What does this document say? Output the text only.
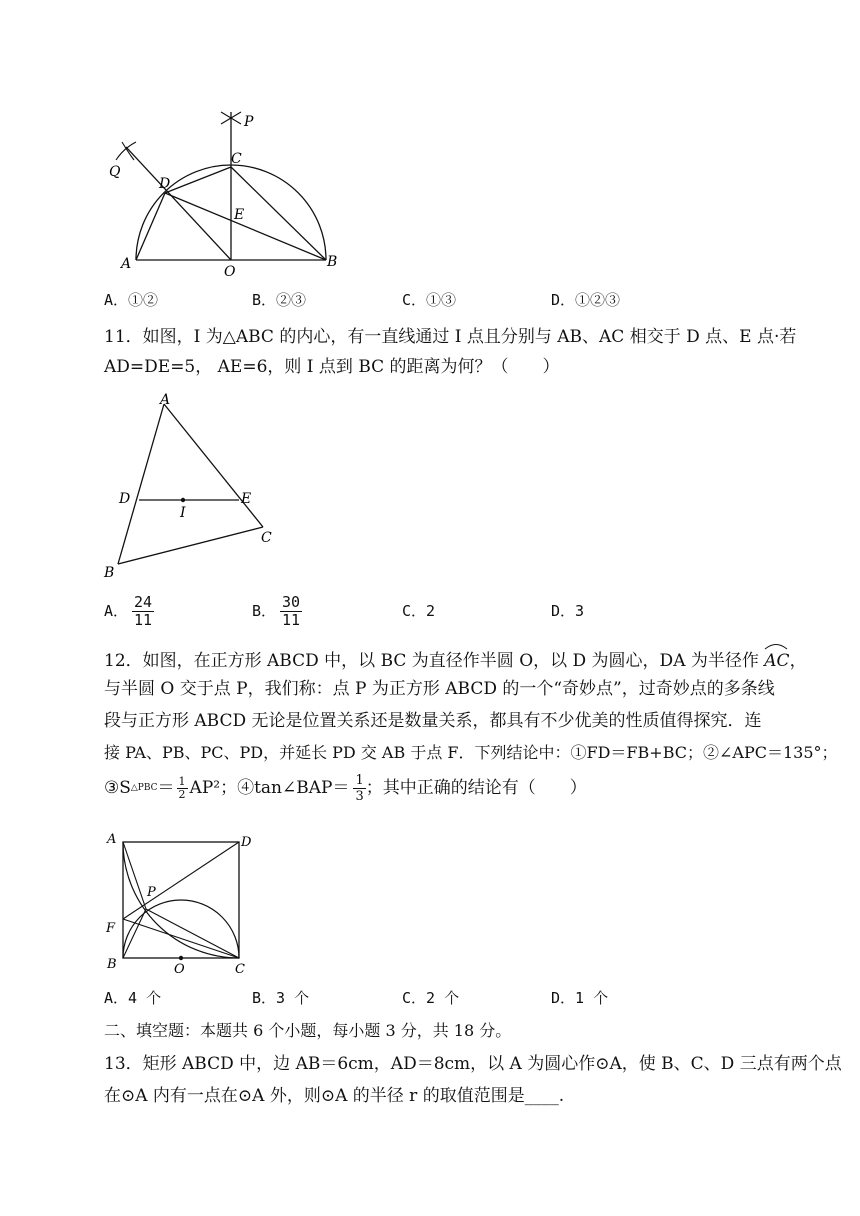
P
C
Q
D
E
A	O
B
A．①②	B．②③	C．①③	D．①②③
11．如图，I 为△ABC 的内心，有一直线通过 I 点且分别与 AB、AC 相交于 D 点、E 点·若
AD=DE=5， AE=6，则 I 点到 BC 的距离为何？（　　）
A
D
I
E
C
B
A． $\frac{24}{11}$	B． $\frac{30}{11}$	C．2	D．3
12．如图，在正方形 ABCD 中，以 BC 为直径作半圆 O，以 D 为圆心，DA 为半径作 AC，
与半圆 O 交于点 P，我们称：点 P 为正方形 ABCD 的一个“奇妙点”，过奇妙点的多条线
段与正方形 ABCD 无论是位置关系还是数量关系，都具有不少优美的性质值得探究．连
接 PA、PB、PC、PD，并延长 PD 交 AB 于点 F．下列结论中：①FD＝FB+BC；②∠APC＝135°；
③S △PBC ＝ $\frac{1}{2} AP^2$；④tan∠BAP＝ $\frac{1}{3}$ ；其中正确的结论有（　　）
A	D
P
F
B	O	C
A．4 个	B．3 个	C．2 个	D．1 个
二、填空题：本题共 6 个小题，每小题 3 分，共 18 分。
13．矩形 ABCD 中，边 AB＝6cm，AD＝8cm，以 A 为圆心作⊙A，使 B、C、D 三点有两个点
在⊙A 内有一点在⊙A 外，则⊙A 的半径 r 的取值范围是____.
